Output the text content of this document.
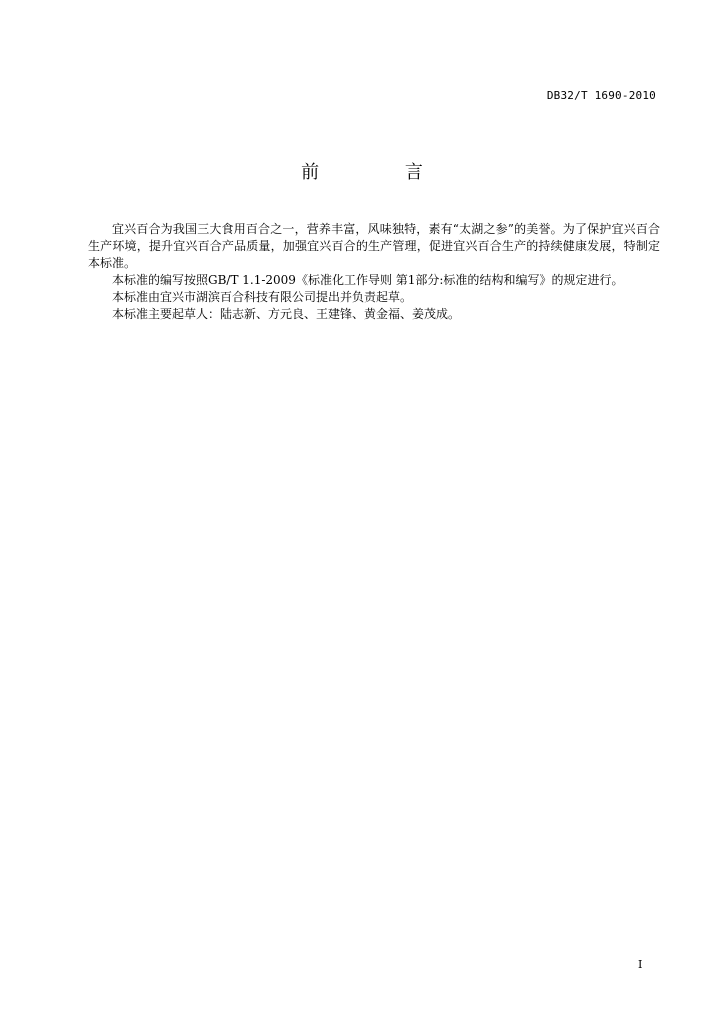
DB32/T 1690-2010
前 言

宜兴百合为我国三大食用百合之一，营养丰富，风味独特，素有“太湖之参”的美誉。为了保护宜兴百合生产环境，提升宜兴百合产品质量，加强宜兴百合的生产管理，促进宜兴百合生产的持续健康发展，特制定本标准。

本标准的编写按照GB/T 1.1-2009《标准化工作导则 第1部分:标准的结构和编写》的规定进行。

本标准由宜兴市湖滨百合科技有限公司提出并负责起草。

本标准主要起草人：陆志新、方元良、王建锋、黄金福、姜茂成。

I
